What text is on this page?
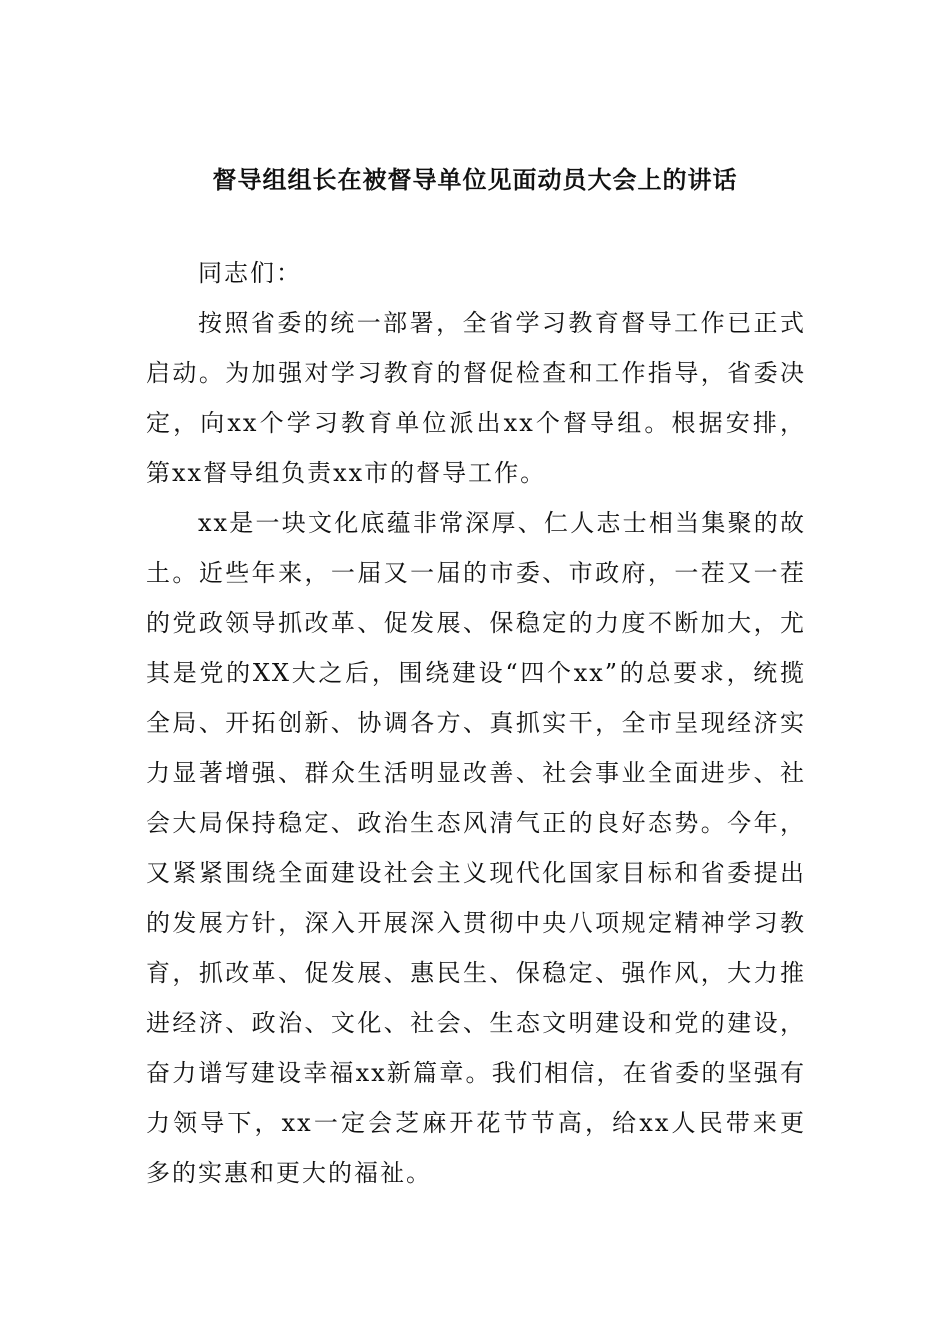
督导组组长在被督导单位见面动员大会上的讲话

同志们：

按照省委的统一部署，全省学习教育督导工作已正式启动。为加强对学习教育的督促检查和工作指导，省委决定，向xx个学习教育单位派出xx个督导组。根据安排，第xx督导组负责xx市的督导工作。

xx是一块文化底蕴非常深厚、仁人志士相当集聚的故土。近些年来，一届又一届的市委、市政府，一茬又一茬的党政领导抓改革、促发展、保稳定的力度不断加大，尤其是党的XX大之后，围绕建设“四个xx”的总要求，统揽全局、开拓创新、协调各方、真抓实干，全市呈现经济实力显著增强、群众生活明显改善、社会事业全面进步、社会大局保持稳定、政治生态风清气正的良好态势。今年，又紧紧围绕全面建设社会主义现代化国家目标和省委提出的发展方针，深入开展深入贯彻中央八项规定精神学习教育，抓改革、促发展、惠民生、保稳定、强作风，大力推进经济、政治、文化、社会、生态文明建设和党的建设，奋力谱写建设幸福xx新篇章。我们相信，在省委的坚强有力领导下，xx一定会芝麻开花节节高，给xx人民带来更多的实惠和更大的福祉。
